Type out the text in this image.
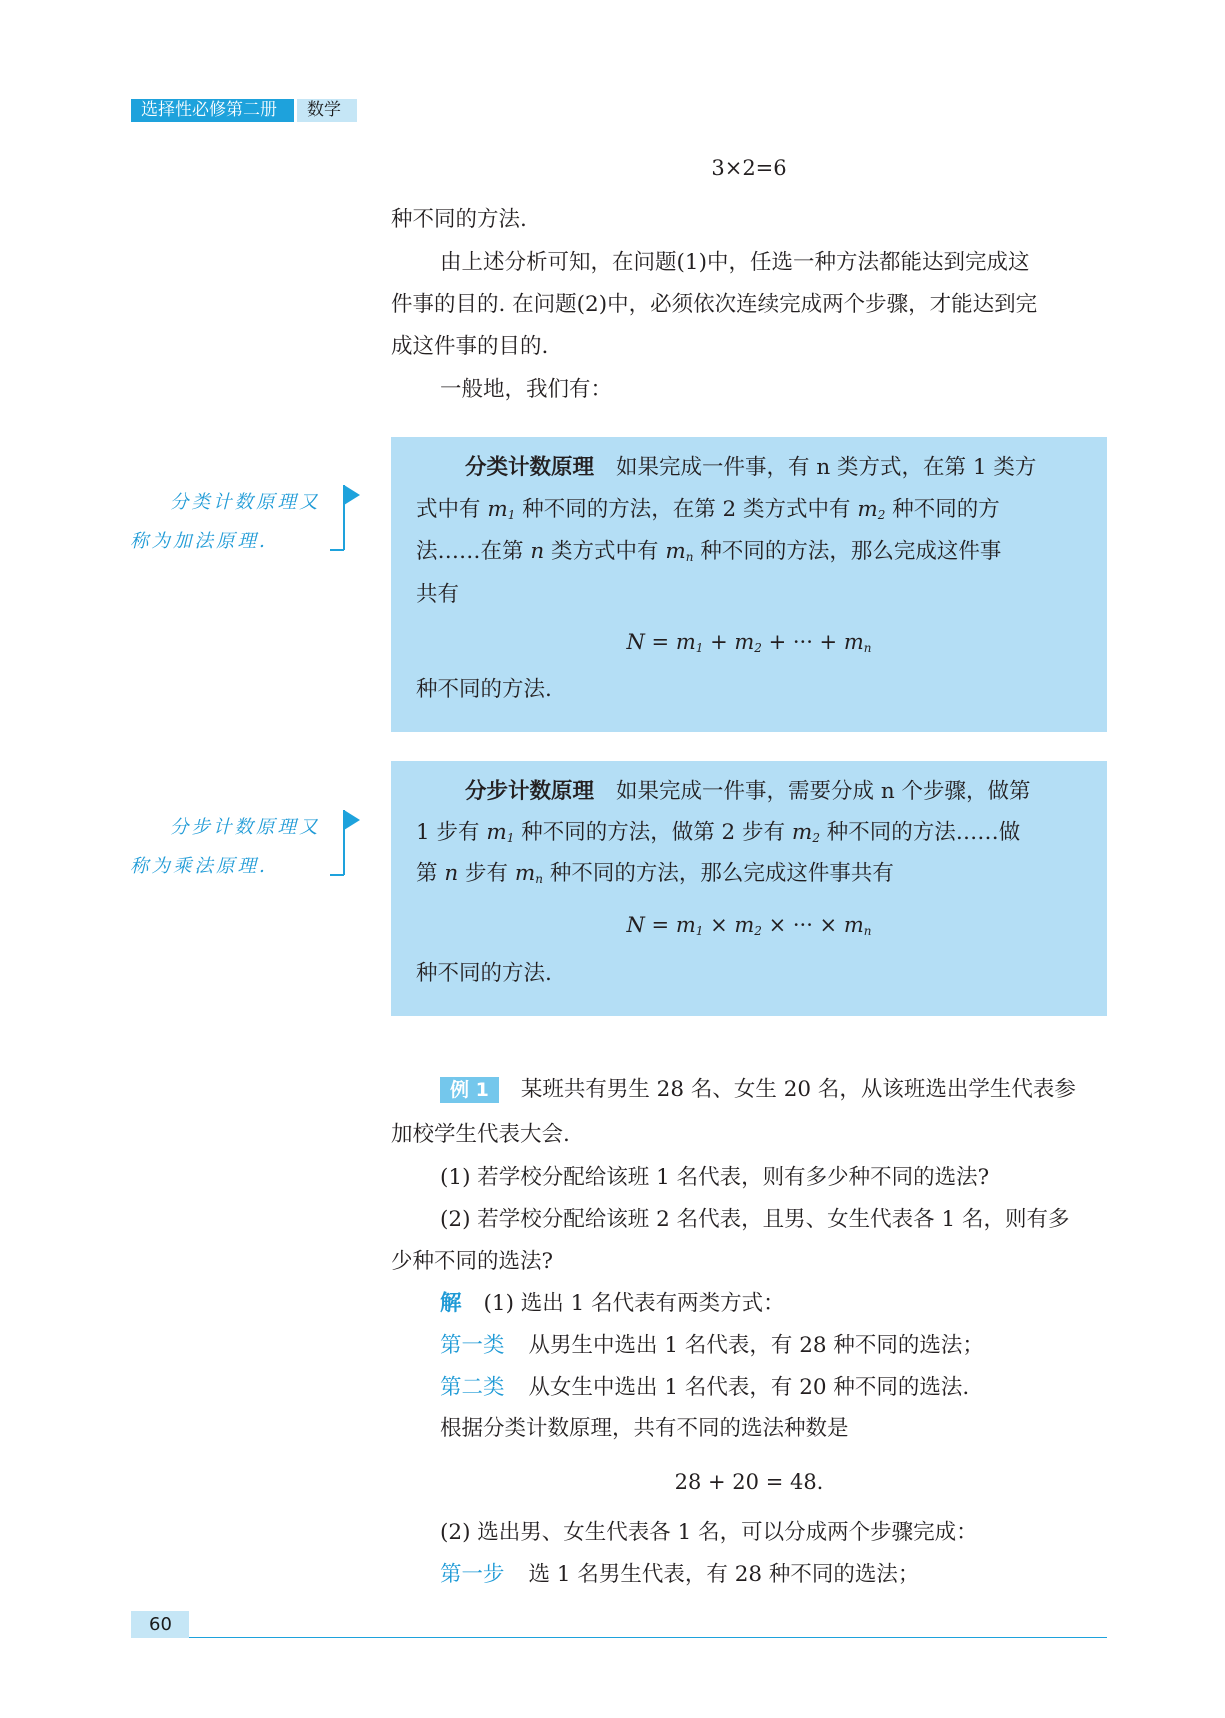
选择性必修第二册	数学
3×2=6
种不同的方法.
由上述分析可知，在问题(1)中，任选一种方法都能达到完成这
件事的目的. 在问题(2)中，必须依次连续完成两个步骤，才能达到完
成这件事的目的.
一般地，我们有：
分类计数原理又
称为加法原理.
分类计数原理 如果完成一件事，有 n 类方式，在第 1 类方
式中有 $m_1$ 种不同的方法，在第 2 类方式中有 $m_2$ 种不同的方
法……在第 n 类方式中有 $m_n$ 种不同的方法，那么完成这件事
共有
$N = m_1 + m_2$ + ··· + $m_n$
种不同的方法.
分步计数原理又
称为乘法原理.
分步计数原理 如果完成一件事，需要分成 n 个步骤，做第
1 步有 $m_1$ 种不同的方法，做第 2 步有 $m_2$ 种不同的方法……做
第 n 步有 $m_n$ 种不同的方法，那么完成这件事共有
$N = m_1 \times m_2$ × ··· × $m_n$
种不同的方法.
例 1 某班共有男生 28 名、女生 20 名，从该班选出学生代表参
加校学生代表大会.
(1) 若学校分配给该班 1 名代表，则有多少种不同的选法?
(2) 若学校分配给该班 2 名代表，且男、女生代表各 1 名，则有多
少种不同的选法?
解 (1) 选出 1 名代表有两类方式：
第一类 从男生中选出 1 名代表，有 28 种不同的选法；
第二类 从女生中选出 1 名代表，有 20 种不同的选法.
根据分类计数原理，共有不同的选法种数是
28 + 20 = 48.
(2) 选出男、女生代表各 1 名，可以分成两个步骤完成：
第一步 选 1 名男生代表，有 28 种不同的选法；
60
